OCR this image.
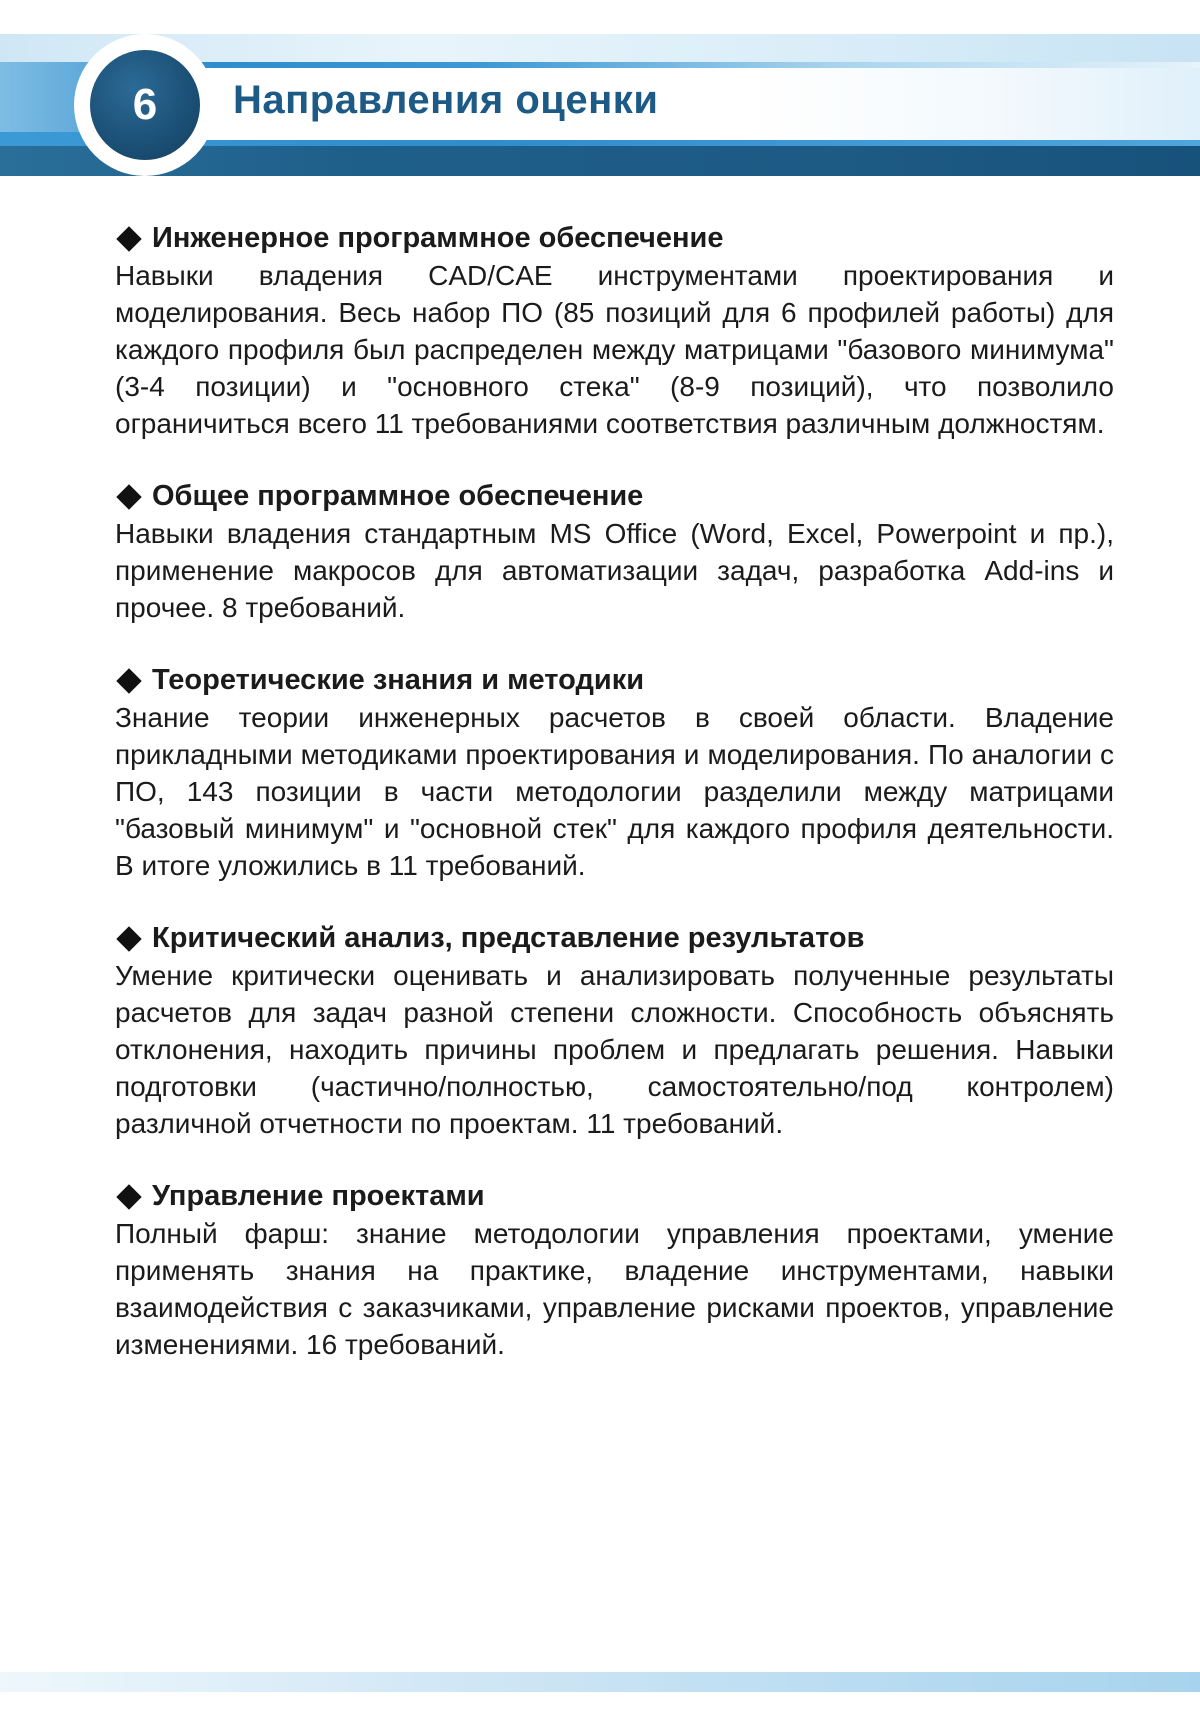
6 Направления оценки
Инженерное программное обеспечение

Навыки владения CAD/CAE инструментами проектирования и моделирования. Весь набор ПО (85 позиций для 6 профилей работы) для каждого профиля был распределен между матрицами "базового минимума" (3-4 позиции) и "основного стека" (8-9 позиций), что позволило ограничиться всего 11 требованиями соответствия различным должностям.

Общее программное обеспечение

Навыки владения стандартным MS Office (Word, Excel, Powerpoint и пр.), применение макросов для автоматизации задач, разработка Add-ins и прочее. 8 требований.

Теоретические знания и методики

Знание теории инженерных расчетов в своей области. Владение прикладными методиками проектирования и моделирования. По аналогии с ПО, 143 позиции в части методологии разделили между матрицами "базовый минимум" и "основной стек" для каждого профиля деятельности. В итоге уложились в 11 требований.

Критический анализ, представление результатов

Умение критически оценивать и анализировать полученные результаты расчетов для задач разной степени сложности. Способность объяснять отклонения, находить причины проблем и предлагать решения. Навыки подготовки (частично/полностью, самостоятельно/под контролем) различной отчетности по проектам. 11 требований.

Управление проектами

Полный фарш: знание методологии управления проектами, умение применять знания на практике, владение инструментами, навыки взаимодействия с заказчиками, управление рисками проектов, управление изменениями. 16 требований.
